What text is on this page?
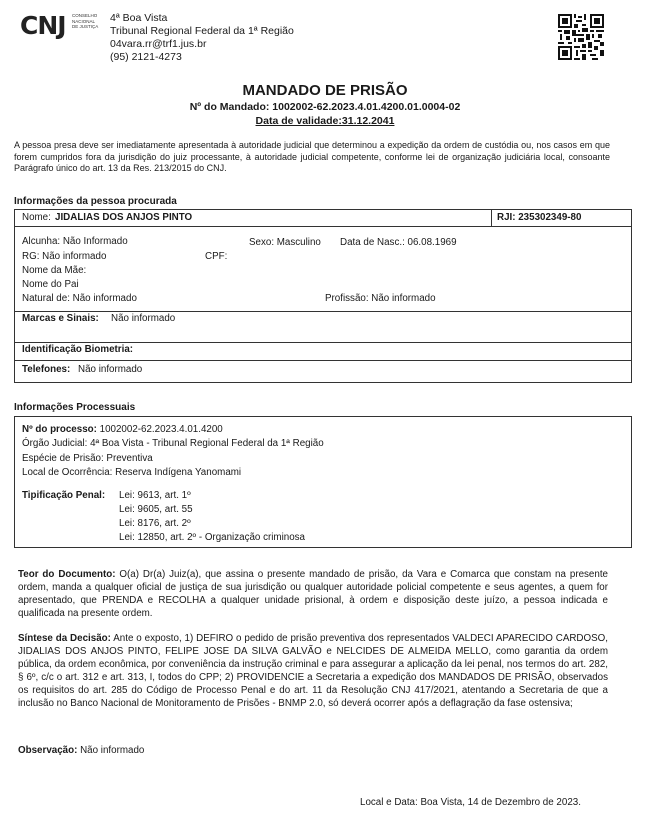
CNJ CONSELHO
NACIONAL
DE JUSTIÇA
4ª Boa Vista
Tribunal Regional Federal da 1ª Região
04vara.rr@trf1.jus.br
(95) 2121-4273
MANDADO DE PRISÃO
Nº do Mandado: 1002002-62.2023.4.01.4200.01.0004-02
Data de validade:31.12.2041
A pessoa presa deve ser imediatamente apresentada à autoridade judicial que determinou a expedição da ordem de custódia ou, nos casos em que forem cumpridos fora da jurisdição do juiz processante, à autoridade judicial competente, conforme lei de organização judiciária local, consoante Parágrafo único do art. 13 da Res. 213/2015 do CNJ.
Informações da pessoa procurada
Nome: JIDALIAS DOS ANJOS PINTO	RJI: 235302349-80
Alcunha: Não Informado	Sexo: Masculino Data de Nasc.: 06.08.1969
RG: Não informado	CPF:
Nome da Mãe:
Nome do Pai
Natural de: Não informado	Profissão: Não informado
Marcas e Sinais: Não informado
Identificação Biometria:
Telefones: Não informado
Informações Processuais
Nº do processo: 1002002-62.2023.4.01.4200
Órgão Judicial: 4ª Boa Vista - Tribunal Regional Federal da 1ª Região
Espécie de Prisão: Preventiva
Local de Ocorrência: Reserva Indígena Yanomami
Tipificação Penal: Lei: 9613, art. 1º
Lei: 9605, art. 55
Lei: 8176, art. 2º
Lei: 12850, art. 2º - Organização criminosa
Teor do Documento: O(a) Dr(a) Juiz(a), que assina o presente mandado de prisão, da Vara e Comarca que constam na presente ordem, manda a qualquer oficial de justiça de sua jurisdição ou qualquer autoridade policial competente e seus agentes, a quem for apresentado, que PRENDA e RECOLHA a qualquer unidade prisional, à ordem e disposição deste juízo, a pessoa indicada e qualificada na presente ordem.
Síntese da Decisão: Ante o exposto, 1) DEFIRO o pedido de prisão preventiva dos representados VALDECI APARECIDO CARDOSO, JIDALIAS DOS ANJOS PINTO, FELIPE JOSE DA SILVA GALVÃO e NELCIDES DE ALMEIDA MELLO, como garantia da ordem pública, da ordem econômica, por conveniência da instrução criminal e para assegurar a aplicação da lei penal, nos termos do art. 282, § 6º, c/c o art. 312 e art. 313, I, todos do CPP; 2) PROVIDENCIE a Secretaria a expedição dos MANDADOS DE PRISÃO, observados os requisitos do art. 285 do Código de Processo Penal e do art. 11 da Resolução CNJ 417/2021, atentando a Secretaria de que a inclusão no Banco Nacional de Monitoramento de Prisões - BNMP 2.0, só deverá ocorrer após a deflagração da fase ostensiva;
Observação: Não informado
Local e Data: Boa Vista, 14 de Dezembro de 2023.
